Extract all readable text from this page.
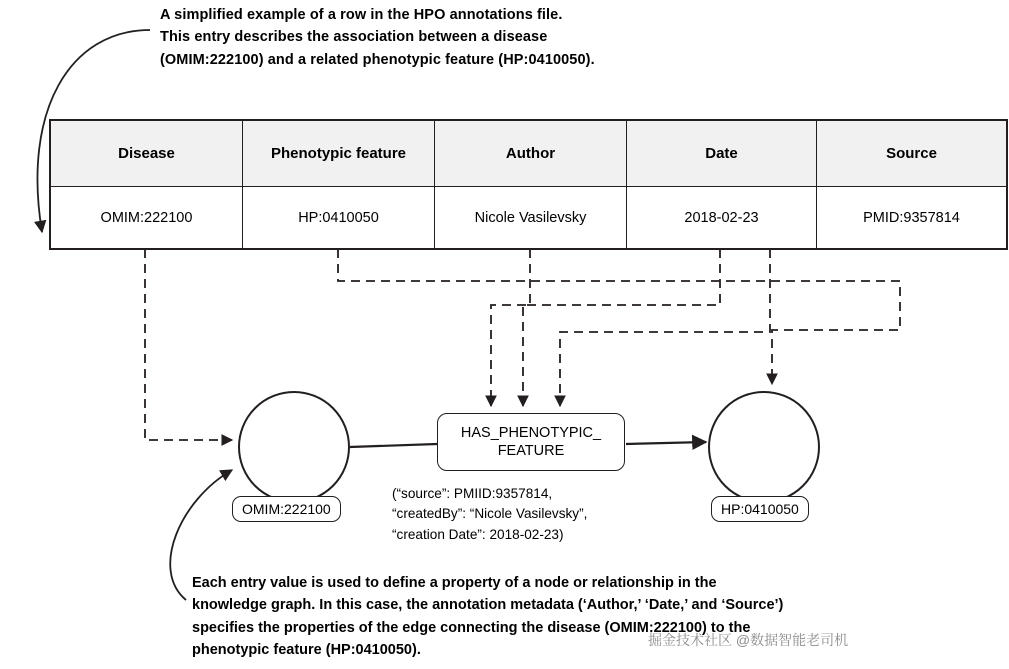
A simplified example of a row in the HPO annotations file.
This entry describes the association between a disease
(OMIM:222100) and a related phenotypic feature (HP:0410050).
Disease	Phenotypic feature	Author	Date	Source
OMIM:222100	HP:0410050	Nicole Vasilevsky	2018-02-23	PMID:9357814
OMIM:222100	HP:0410050
HAS_PHENOTYPIC_
FEATURE
(“source”: PMIID:9357814,
“createdBy”: “Nicole Vasilevsky”,
“creation Date”: 2018-02-23)
Each entry value is used to define a property of a node or relationship in the
knowledge graph. In this case, the annotation metadata (‘Author,’ ‘Date,’ and ‘Source’)
specifies the properties of the edge connecting the disease (OMIM:222100) to the
phenotypic feature (HP:0410050).
掘金技术社区 @数据智能老司机
